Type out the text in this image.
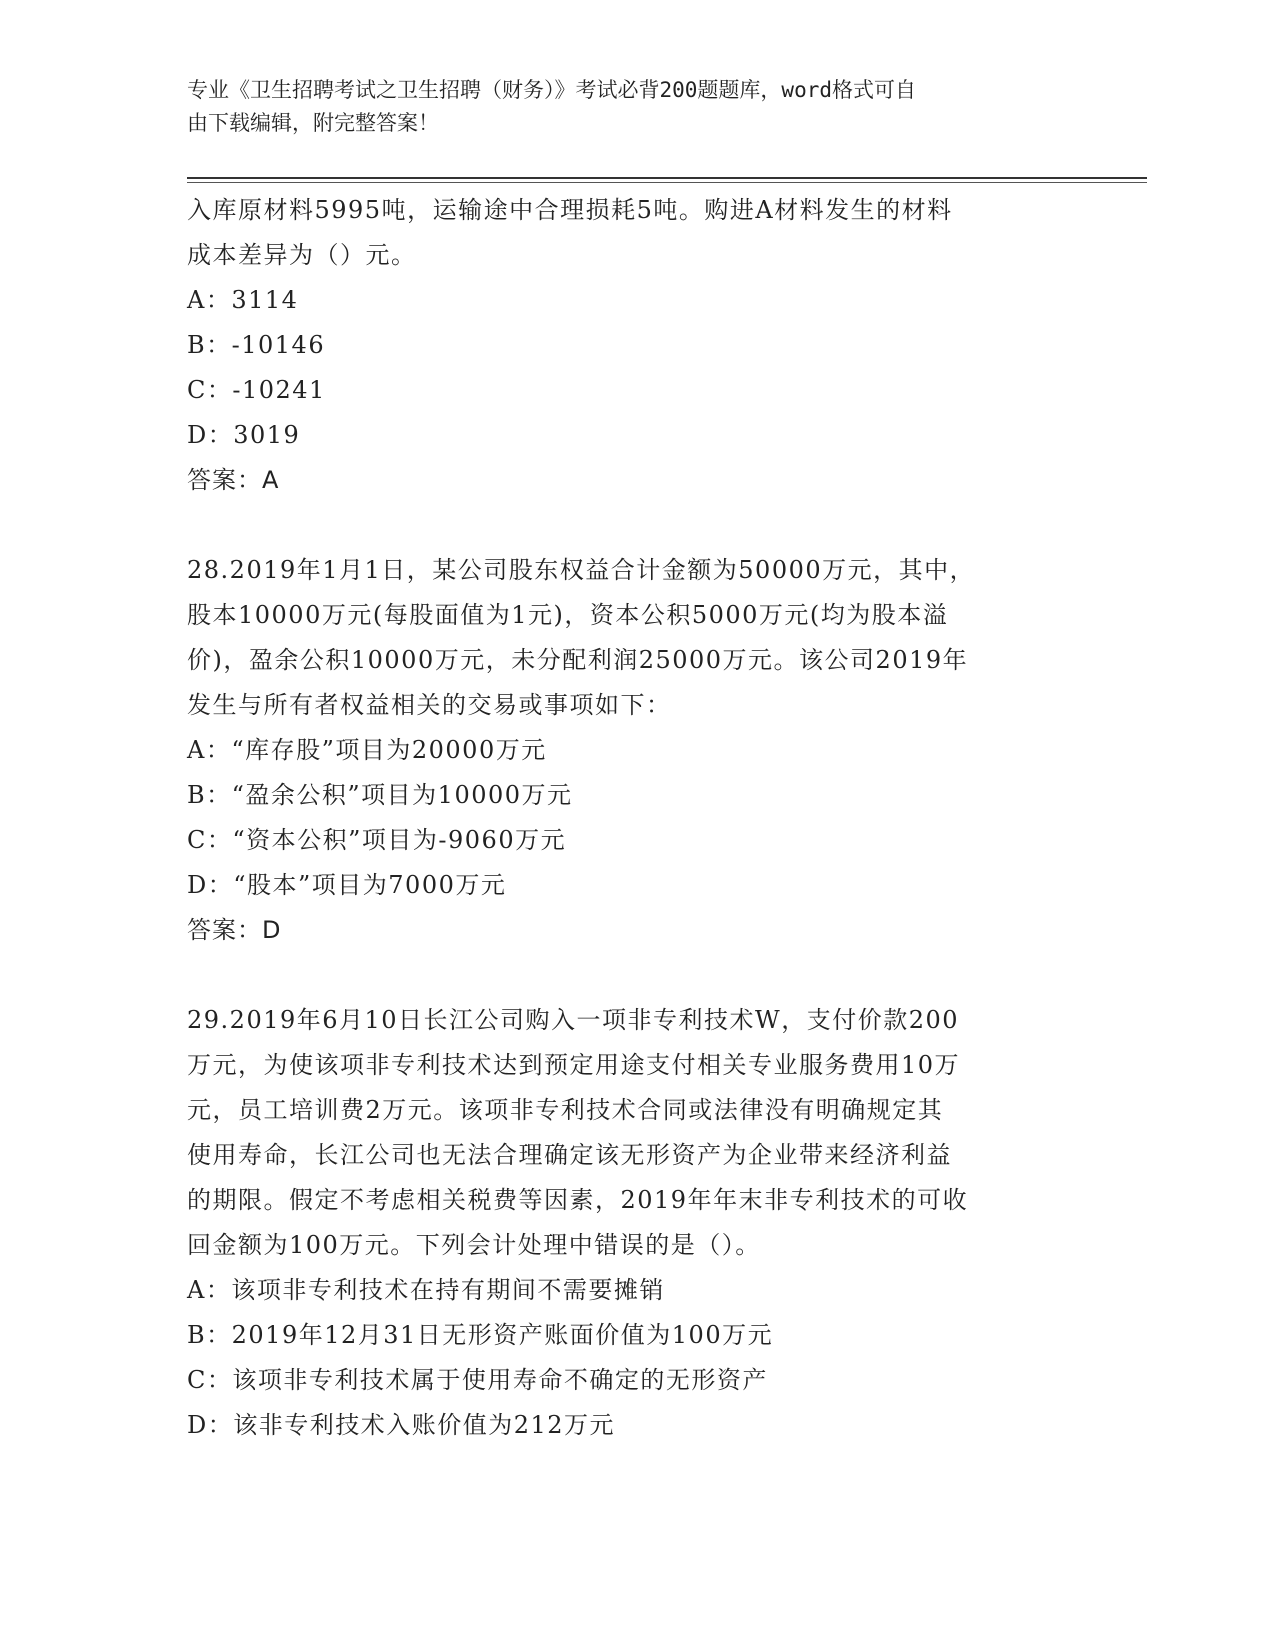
专业《卫生招聘考试之卫生招聘（财务）》考试必背200题题库，word格式可自
由下载编辑，附完整答案！

入库原材料5995吨，运输途中合理损耗5吨。购进A材料发生的材料

成本差异为（）元。

A：3114

B：-10146

C：-10241

D：3019

答案：A

28.2019年1月1日，某公司股东权益合计金额为50000万元，其中，

股本10000万元(每股面值为1元)，资本公积5000万元(均为股本溢

价)，盈余公积10000万元，未分配利润25000万元。该公司2019年

发生与所有者权益相关的交易或事项如下：

A：“库存股”项目为20000万元

B：“盈余公积”项目为10000万元

C：“资本公积”项目为-9060万元

D：“股本”项目为7000万元

答案：D

29.2019年6月10日长江公司购入一项非专利技术W，支付价款200

万元，为使该项非专利技术达到预定用途支付相关专业服务费用10万

元，员工培训费2万元。该项非专利技术合同或法律没有明确规定其

使用寿命，长江公司也无法合理确定该无形资产为企业带来经济利益

的期限。假定不考虑相关税费等因素，2019年年末非专利技术的可收

回金额为100万元。下列会计处理中错误的是（）。

A：该项非专利技术在持有期间不需要摊销

B：2019年12月31日无形资产账面价值为100万元

C：该项非专利技术属于使用寿命不确定的无形资产

D：该非专利技术入账价值为212万元
